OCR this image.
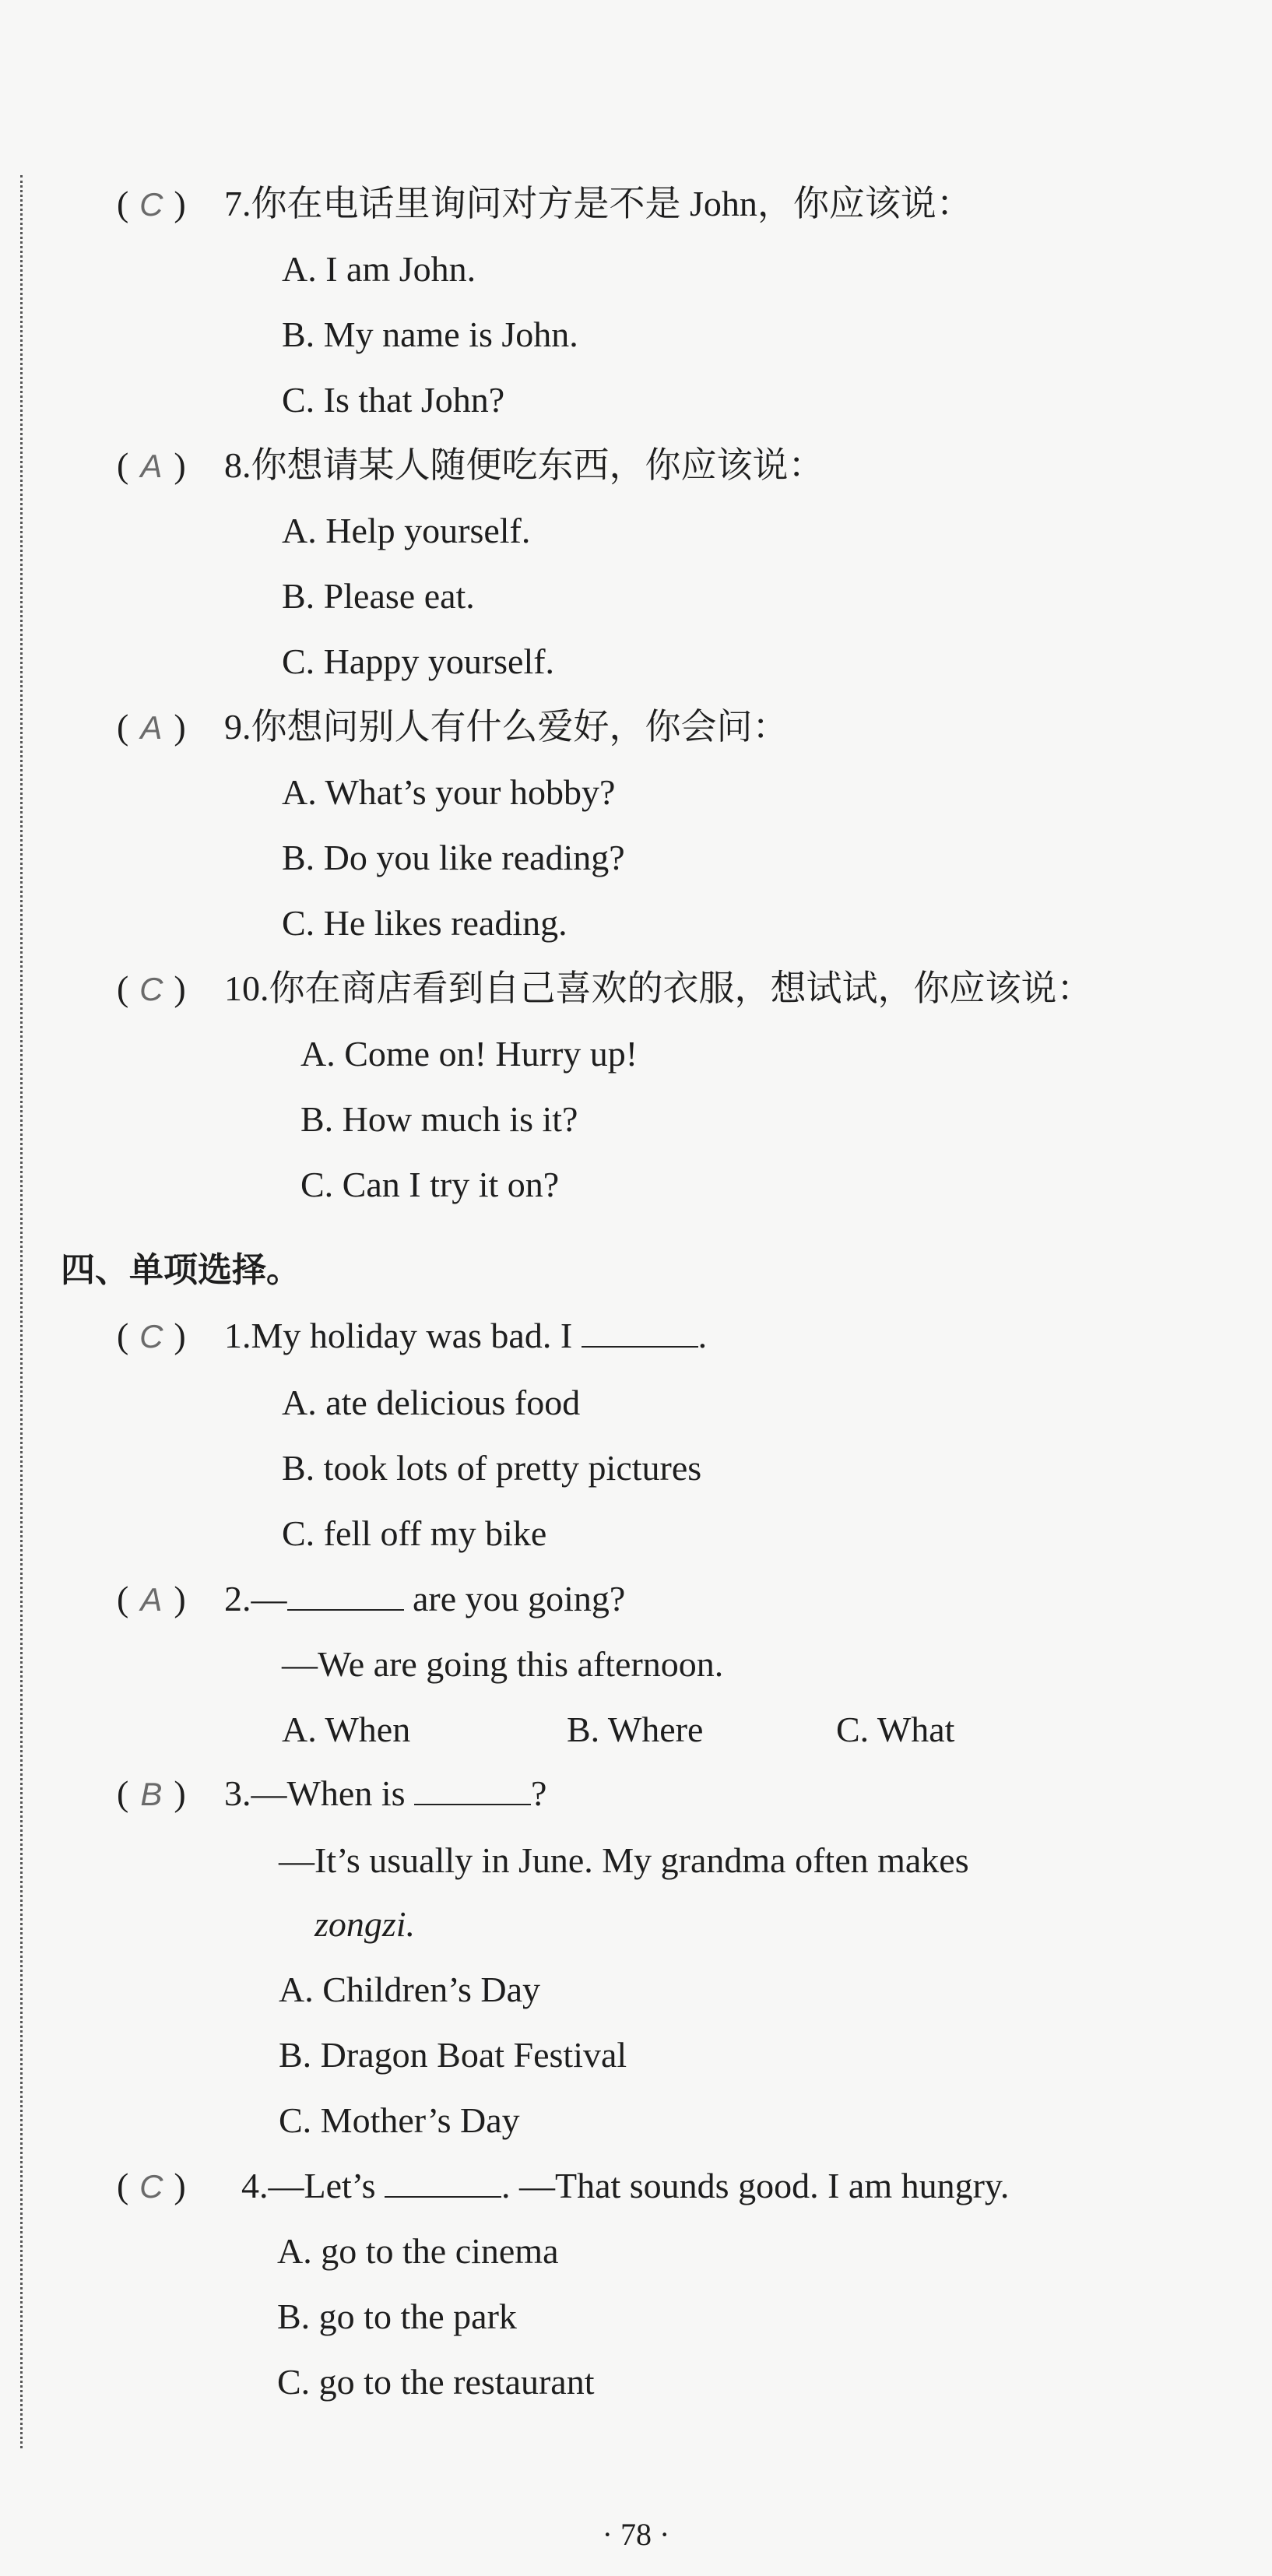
( C ) 7.你在电话里询问对方是不是 John，你应该说：
A. I am John.
B. My name is John.
C. Is that John?
( A ) 8.你想请某人随便吃东西，你应该说：
A. Help yourself.
B. Please eat.
C. Happy yourself.
( A ) 9.你想问别人有什么爱好，你会问：
A. What’s your hobby?
B. Do you like reading?
C. He likes reading.
( C ) 10.你在商店看到自己喜欢的衣服，想试试，你应该说：
A. Come on! Hurry up!
B. How much is it?
C. Can I try it on?
四、单项选择。
( C ) 1.My holiday was bad. I	.
A. ate delicious food
B. took lots of pretty pictures
C. fell off my bike
( A ) 2.—	are you going?
—We are going this afternoon.
A. When	B. Where	C. What
( B ) 3.—When is	?
—It’s usually in June. My grandma often makes
zongzi.
A. Children’s Day
B. Dragon Boat Festival
C. Mother’s Day
( C ) 4.—Let’s	. —That sounds good. I am hungry.
A. go to the cinema
B. go to the park
C. go to the restaurant
· 78 ·
